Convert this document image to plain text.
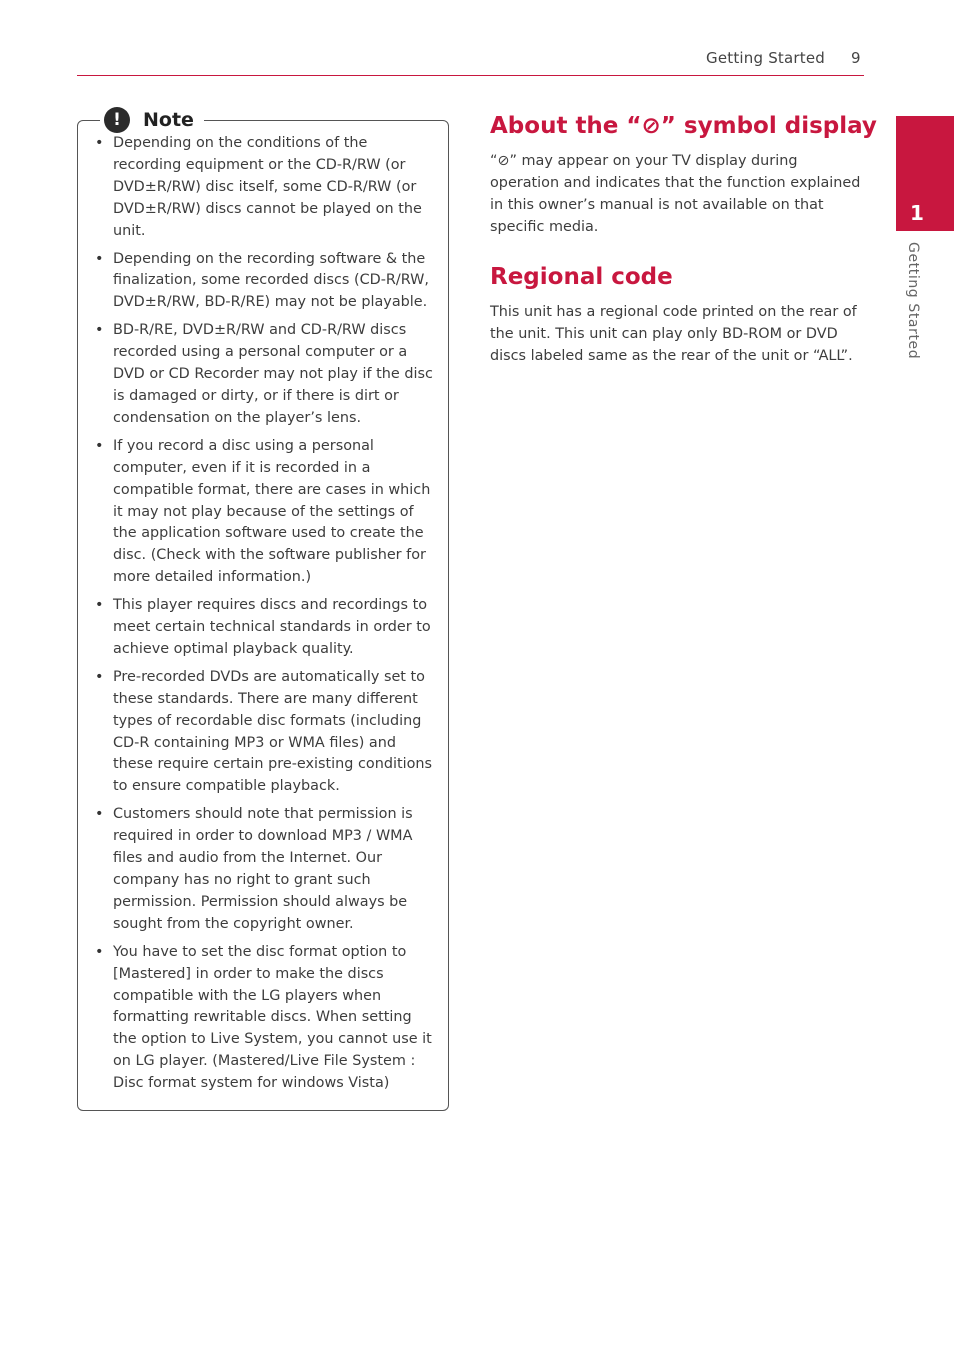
Getting Started 9
1
Getting Started
!	Note
• Depending on the conditions of the recording equipment or the CD-R/RW (or DVD±R/RW) disc itself, some CD-R/RW (or DVD±R/RW) discs cannot be played on the unit.
• Depending on the recording software & the finalization, some recorded discs (CD-R/RW, DVD±R/RW, BD-R/RE) may not be playable.
• BD-R/RE, DVD±R/RW and CD-R/RW discs recorded using a personal computer or a DVD or CD Recorder may not play if the disc is damaged or dirty, or if there is dirt or condensation on the player’s lens.
• If you record a disc using a personal computer, even if it is recorded in a compatible format, there are cases in which it may not play because of the settings of the application software used to create the disc. (Check with the software publisher for more detailed information.)
• This player requires discs and recordings to meet certain technical standards in order to achieve optimal playback quality.
• Pre-recorded DVDs are automatically set to these standards. There are many different types of recordable disc formats (including CD-R containing MP3 or WMA files) and these require certain pre-existing conditions to ensure compatible playback.
• Customers should note that permission is required in order to download MP3 / WMA files and audio from the Internet. Our company has no right to grant such permission. Permission should always be sought from the copyright owner.
• You have to set the disc format option to [Mastered] in order to make the discs compatible with the LG players when formatting rewritable discs. When setting the option to Live System, you cannot use it on LG player. (Mastered/Live File System : Disc format system for windows Vista)
About the “⊘” symbol display

“⊘” may appear on your TV display during operation and indicates that the function explained in this owner’s manual is not available on that specific media.

Regional code

This unit has a regional code printed on the rear of the unit. This unit can play only BD-ROM or DVD discs labeled same as the rear of the unit or “ALL”.
